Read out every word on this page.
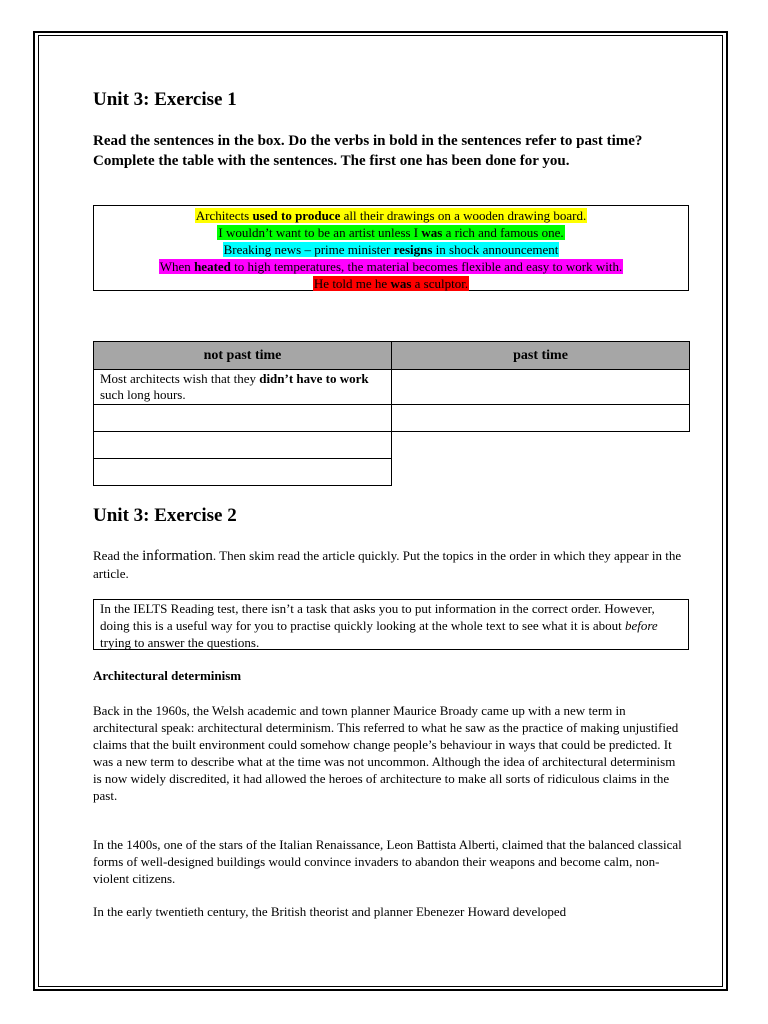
Unit 3: Exercise 1
Read the sentences in the box. Do the verbs in bold in the sentences refer to past time? Complete the table with the sentences. The first one has been done for you.
Architects used to produce all their drawings on a wooden drawing board.
I wouldn’t want to be an artist unless I was a rich and famous one.
Breaking news – prime minister resigns in shock announcement
When heated to high temperatures, the material becomes flexible and easy to work with.
He told me he was a sculptor.
not past time	past time
Most architects wish that they didn’t have to work such long hours.	

Unit 3: Exercise 2
Read the information. Then skim read the article quickly. Put the topics in the order in which they appear in the article.
In the IELTS Reading test, there isn’t a task that asks you to put information in the correct order. However, doing this is a useful way for you to practise quickly looking at the whole text to see what it is about before trying to answer the questions.
Architectural determinism
Back in the 1960s, the Welsh academic and town planner Maurice Broady came up with a new term in architectural speak: architectural determinism. This referred to what he saw as the practice of making unjustified claims that the built environment could somehow change people’s behaviour in ways that could be predicted. It was a new term to describe what at the time was not uncommon. Although the idea of architectural determinism is now widely discredited, it had allowed the heroes of architecture to make all sorts of ridiculous claims in the past.
In the 1400s, one of the stars of the Italian Renaissance, Leon Battista Alberti, claimed that the balanced classical forms of well-designed buildings would convince invaders to abandon their weapons and become calm, non-violent citizens.
In the early twentieth century, the British theorist and planner Ebenezer Howard developed
